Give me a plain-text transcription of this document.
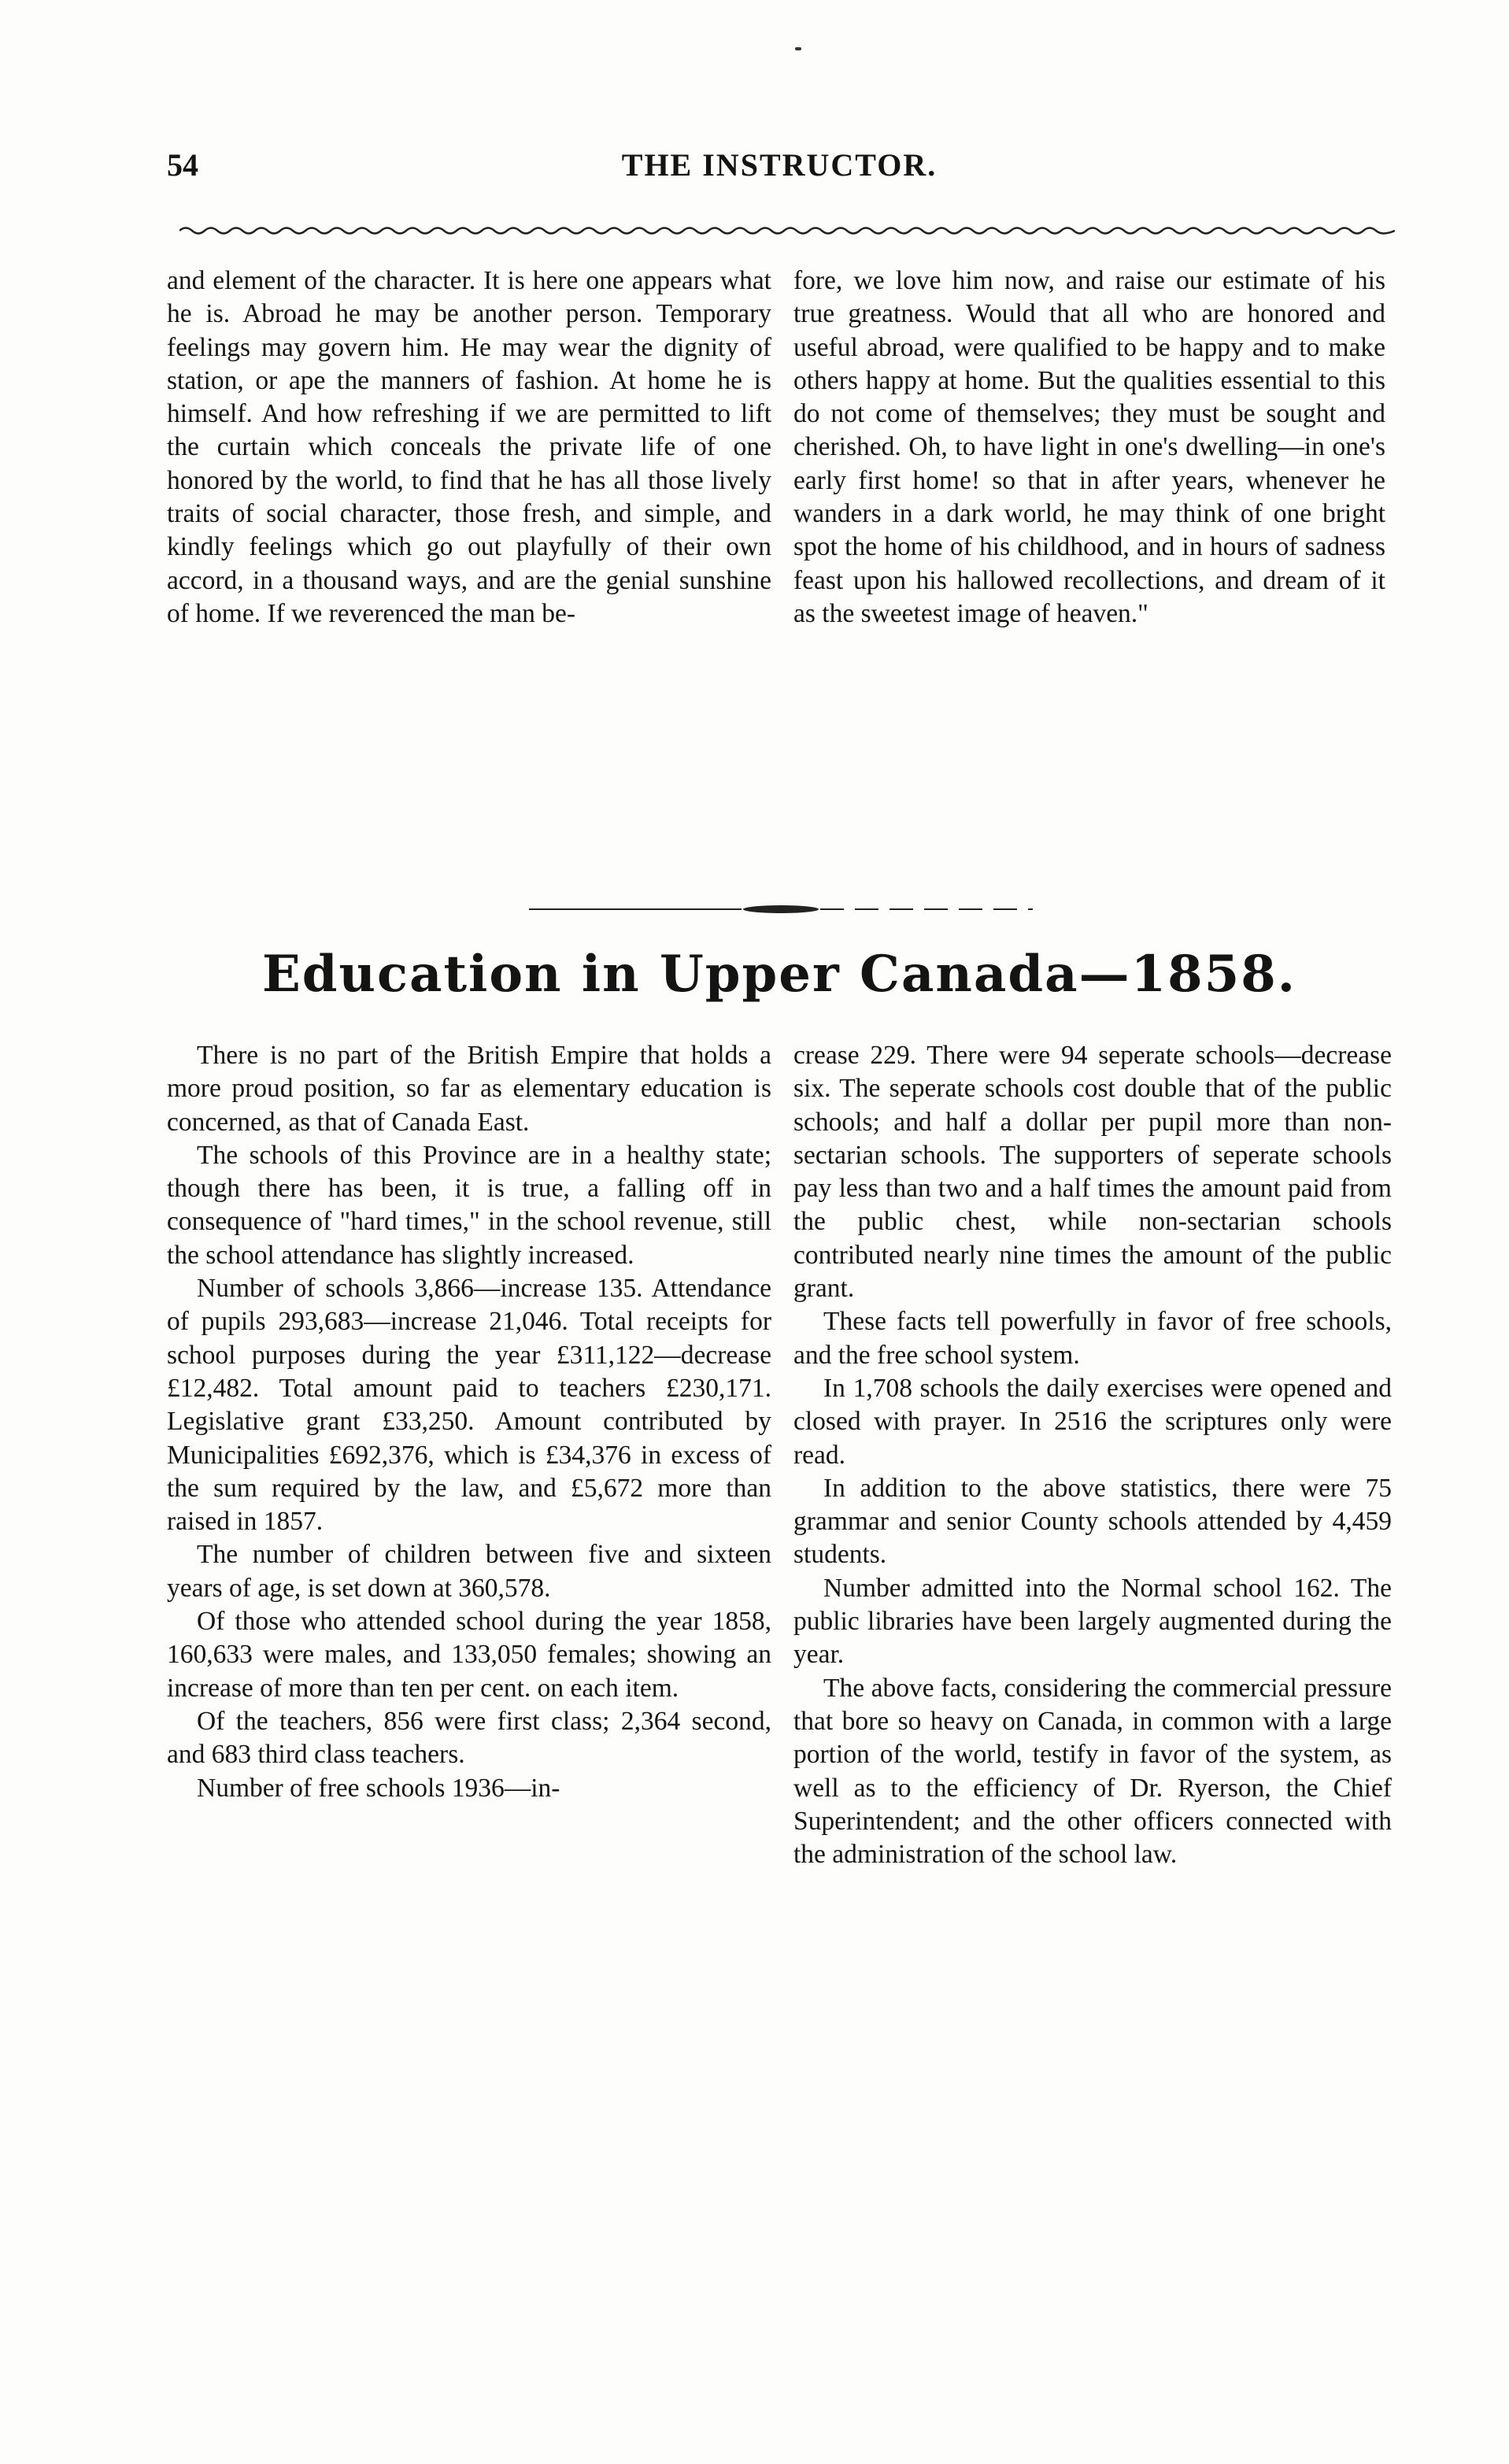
54	THE INSTRUCTOR.

and element of the character. It is here one appears what he is. Abroad he may be another person. Temporary feelings may govern him. He may wear the dignity of station, or ape the manners of fashion. At home he is himself. And how refreshing if we are permitted to lift the curtain which conceals the private life of one honored by the world, to find that he has all those lively traits of social character, those fresh, and simple, and kindly feelings which go out playfully of their own accord, in a thousand ways, and are the genial sunshine of home. If we reverenced the man be-

fore, we love him now, and raise our estimate of his true greatness. Would that all who are honored and useful abroad, were qualified to be happy and to make others happy at home. But the qualities essential to this do not come of themselves; they must be sought and cherished. Oh, to have light in one's dwelling—in one's early first home! so that in after years, whenever he wanders in a dark world, he may think of one bright spot the home of his childhood, and in hours of sadness feast upon his hallowed recollections, and dream of it as the sweetest image of heaven."

Education in Upper Canada—1858.

There is no part of the British Empire that holds a more proud position, so far as elementary education is concerned, as that of Canada East.

The schools of this Province are in a healthy state; though there has been, it is true, a falling off in consequence of "hard times," in the school revenue, still the school attendance has slightly increased.

Number of schools 3,866—increase 135. Attendance of pupils 293,683—increase 21,046. Total receipts for school purposes during the year £311,122—decrease £12,482. Total amount paid to teachers £230,171. Legislative grant £33,250. Amount contributed by Municipalities £692,376, which is £34,376 in excess of the sum required by the law, and £5,672 more than raised in 1857.

The number of children between five and sixteen years of age, is set down at 360,578.

Of those who attended school during the year 1858, 160,633 were males, and 133,050 females; showing an increase of more than ten per cent. on each item.

Of the teachers, 856 were first class; 2,364 second, and 683 third class teachers.

Number of free schools 1936—in-

crease 229. There were 94 seperate schools—decrease six. The seperate schools cost double that of the public schools; and half a dollar per pupil more than non-sectarian schools. The supporters of seperate schools pay less than two and a half times the amount paid from the public chest, while non-sectarian schools contributed nearly nine times the amount of the public grant.

These facts tell powerfully in favor of free schools, and the free school system.

In 1,708 schools the daily exercises were opened and closed with prayer. In 2516 the scriptures only were read.

In addition to the above statistics, there were 75 grammar and senior County schools attended by 4,459 students.

Number admitted into the Normal school 162. The public libraries have been largely augmented during the year.

The above facts, considering the commercial pressure that bore so heavy on Canada, in common with a large portion of the world, testify in favor of the system, as well as to the efficiency of Dr. Ryerson, the Chief Superintendent; and the other officers connected with the administration of the school law.
